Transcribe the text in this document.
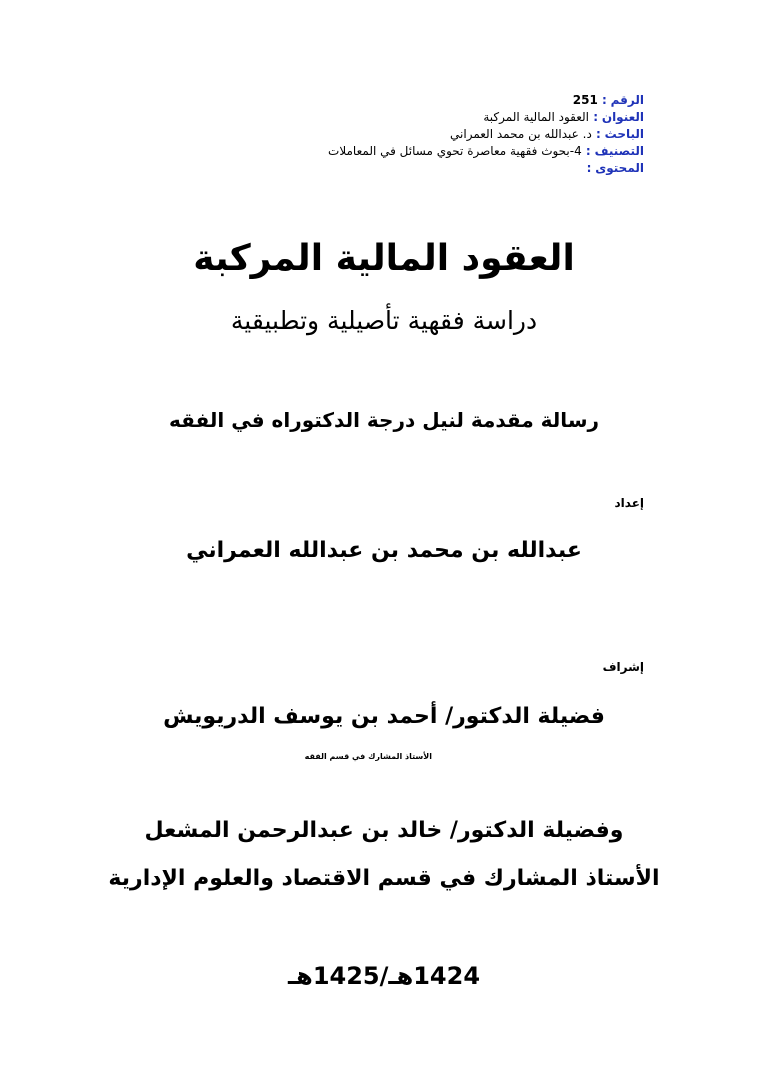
الرقم : 251
العنوان : العقود المالية المركبة
الباحث : د. عبدالله بن محمد العمراني
التصنيف : 4-بحوث فقهية معاصرة تحوي مسائل في المعاملات
المحتوى :
العقود المالية المركبة
دراسة فقهية تأصيلية وتطبيقية
رسالة مقدمة لنيل درجة الدكتوراه في الفقه
إعداد
عبدالله بن محمد بن عبدالله العمراني
إشراف
فضيلة الدكتور/ أحمد بن يوسف الدريويش
الأستاذ المشارك في قسم الفقه
وفضيلة الدكتور/ خالد بن عبدالرحمن المشعل
الأستاذ المشارك في قسم الاقتصاد والعلوم الإدارية
1424هـ/1425هـ
